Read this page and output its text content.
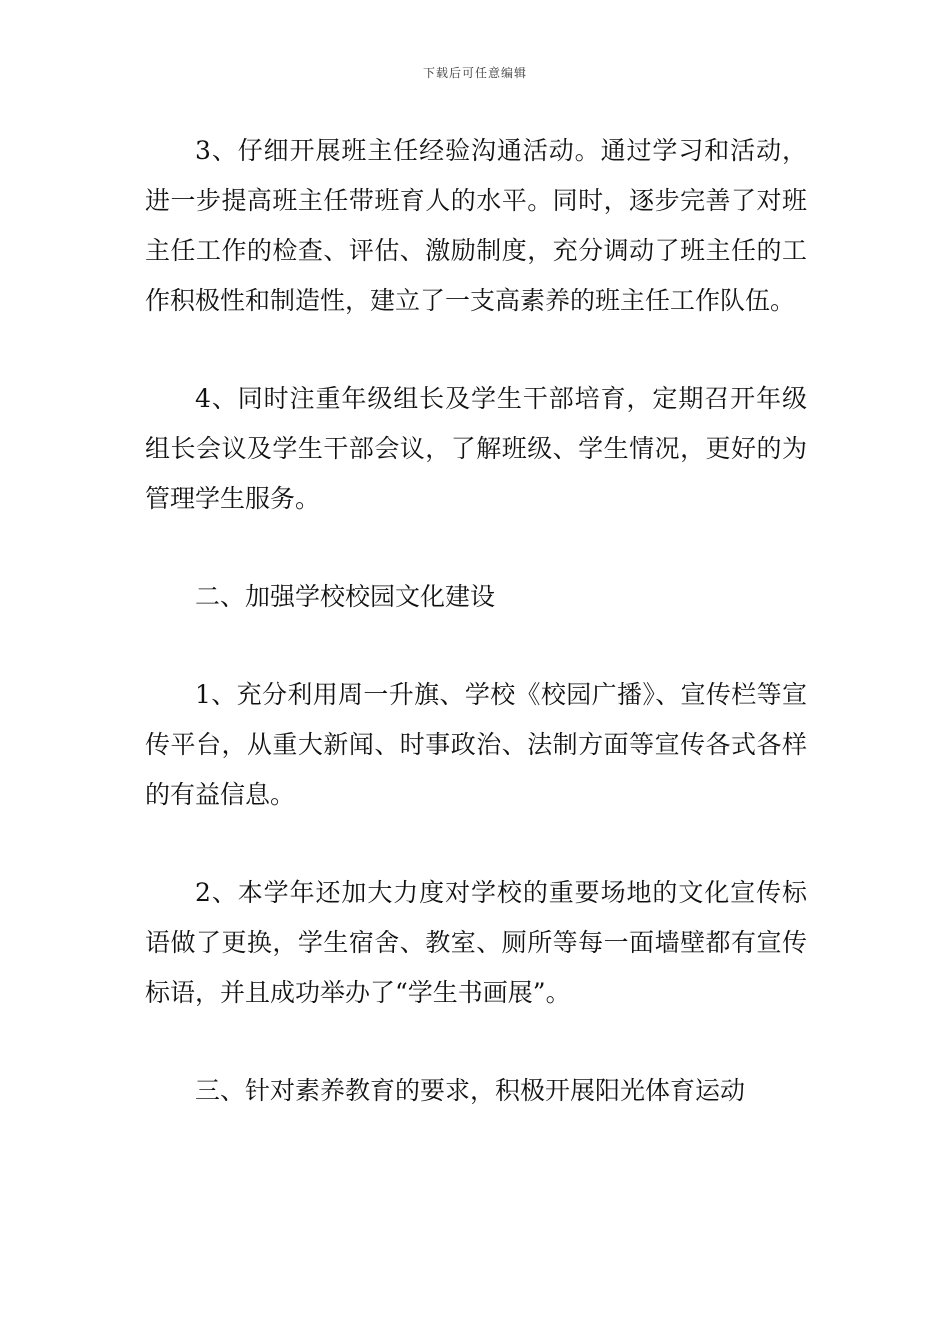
下载后可任意编辑

3、仔细开展班主任经验沟通活动。通过学习和活动，进一步提高班主任带班育人的水平。同时，逐步完善了对班主任工作的检查、评估、激励制度，充分调动了班主任的工作积极性和制造性，建立了一支高素养的班主任工作队伍。

4、同时注重年级组长及学生干部培育，定期召开年级组长会议及学生干部会议，了解班级、学生情况，更好的为管理学生服务。

二、加强学校校园文化建设

1、充分利用周一升旗、学校《校园广播》、宣传栏等宣传平台，从重大新闻、时事政治、法制方面等宣传各式各样的有益信息。

2、本学年还加大力度对学校的重要场地的文化宣传标语做了更换，学生宿舍、教室、厕所等每一面墙壁都有宣传标语，并且成功举办了“学生书画展”。

三、针对素养教育的要求，积极开展阳光体育运动
